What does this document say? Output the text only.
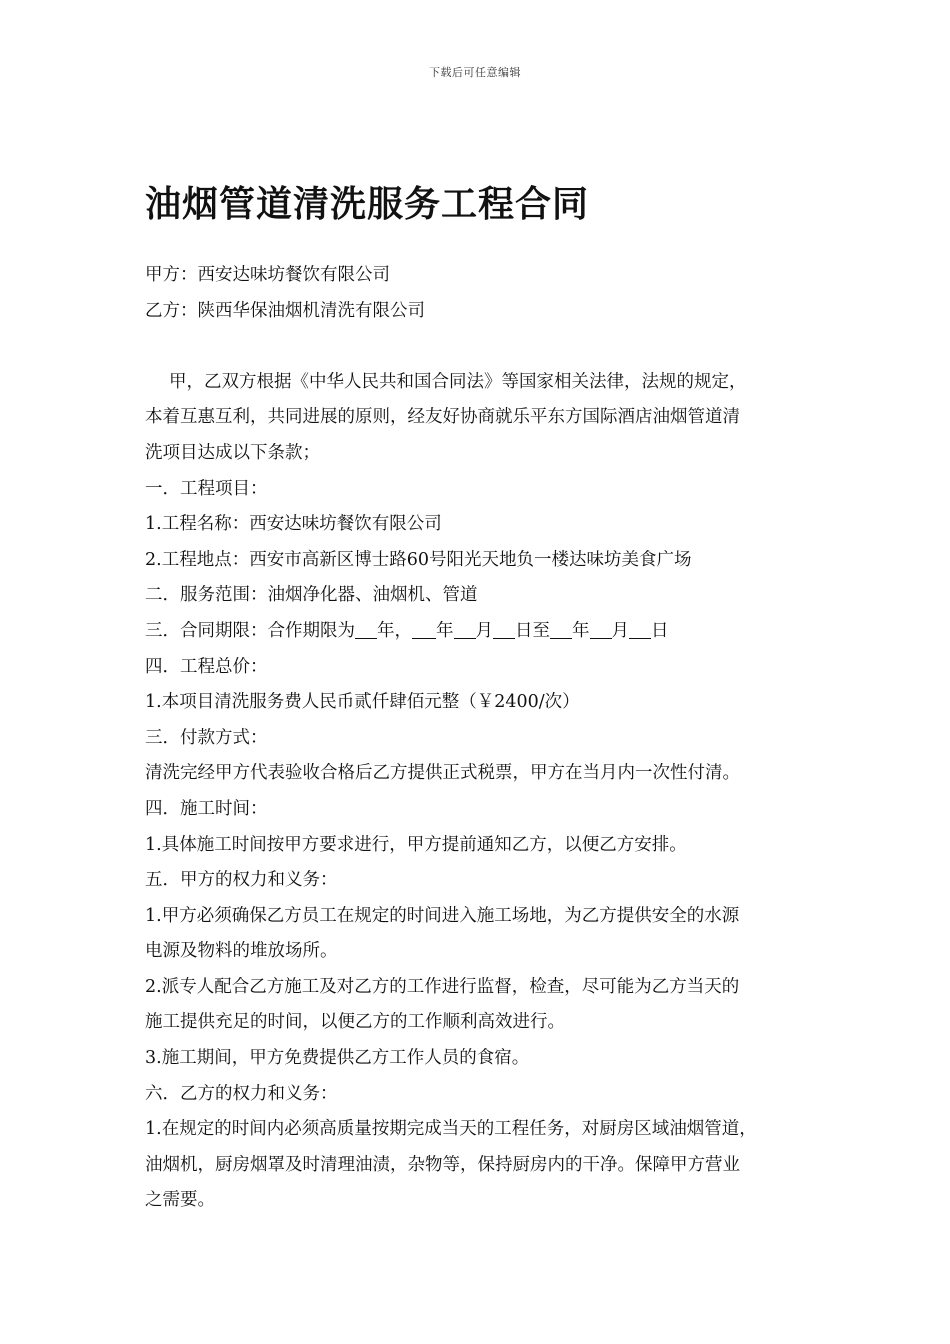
下载后可任意编辑
油烟管道清洗服务工程合同
甲方：西安达味坊餐饮有限公司
乙方：陕西华保油烟机清洗有限公司
甲，乙双方根据《中华人民共和国合同法》等国家相关法律，法规的规定，
本着互惠互利，共同进展的原则，经友好协商就乐平东方国际酒店油烟管道清
洗项目达成以下条款；
一．工程项目：
1.工程名称：西安达味坊餐饮有限公司
2.工程地点：西安市高新区博士路60号阳光天地负一楼达味坊美食广场
二．服务范围：油烟净化器、油烟机、管道
三．合同期限：合作期限为 年， 年 月 日至 年 月 日
四．工程总价：
1.本项目清洗服务费人民币贰仟肆佰元整（￥2400/次）
三．付款方式：
清洗完经甲方代表验收合格后乙方提供正式税票，甲方在当月内一次性付清。
四．施工时间：
1.具体施工时间按甲方要求进行，甲方提前通知乙方，以便乙方安排。
五．甲方的权力和义务：
1.甲方必须确保乙方员工在规定的时间进入施工场地，为乙方提供安全的水源
电源及物料的堆放场所。
2.派专人配合乙方施工及对乙方的工作进行监督，检查，尽可能为乙方当天的
施工提供充足的时间，以便乙方的工作顺利高效进行。
3.施工期间，甲方免费提供乙方工作人员的食宿。
六．乙方的权力和义务：
1.在规定的时间内必须高质量按期完成当天的工程任务，对厨房区域油烟管道，
油烟机，厨房烟罩及时清理油渍，杂物等，保持厨房内的干净。保障甲方营业
之需要。
